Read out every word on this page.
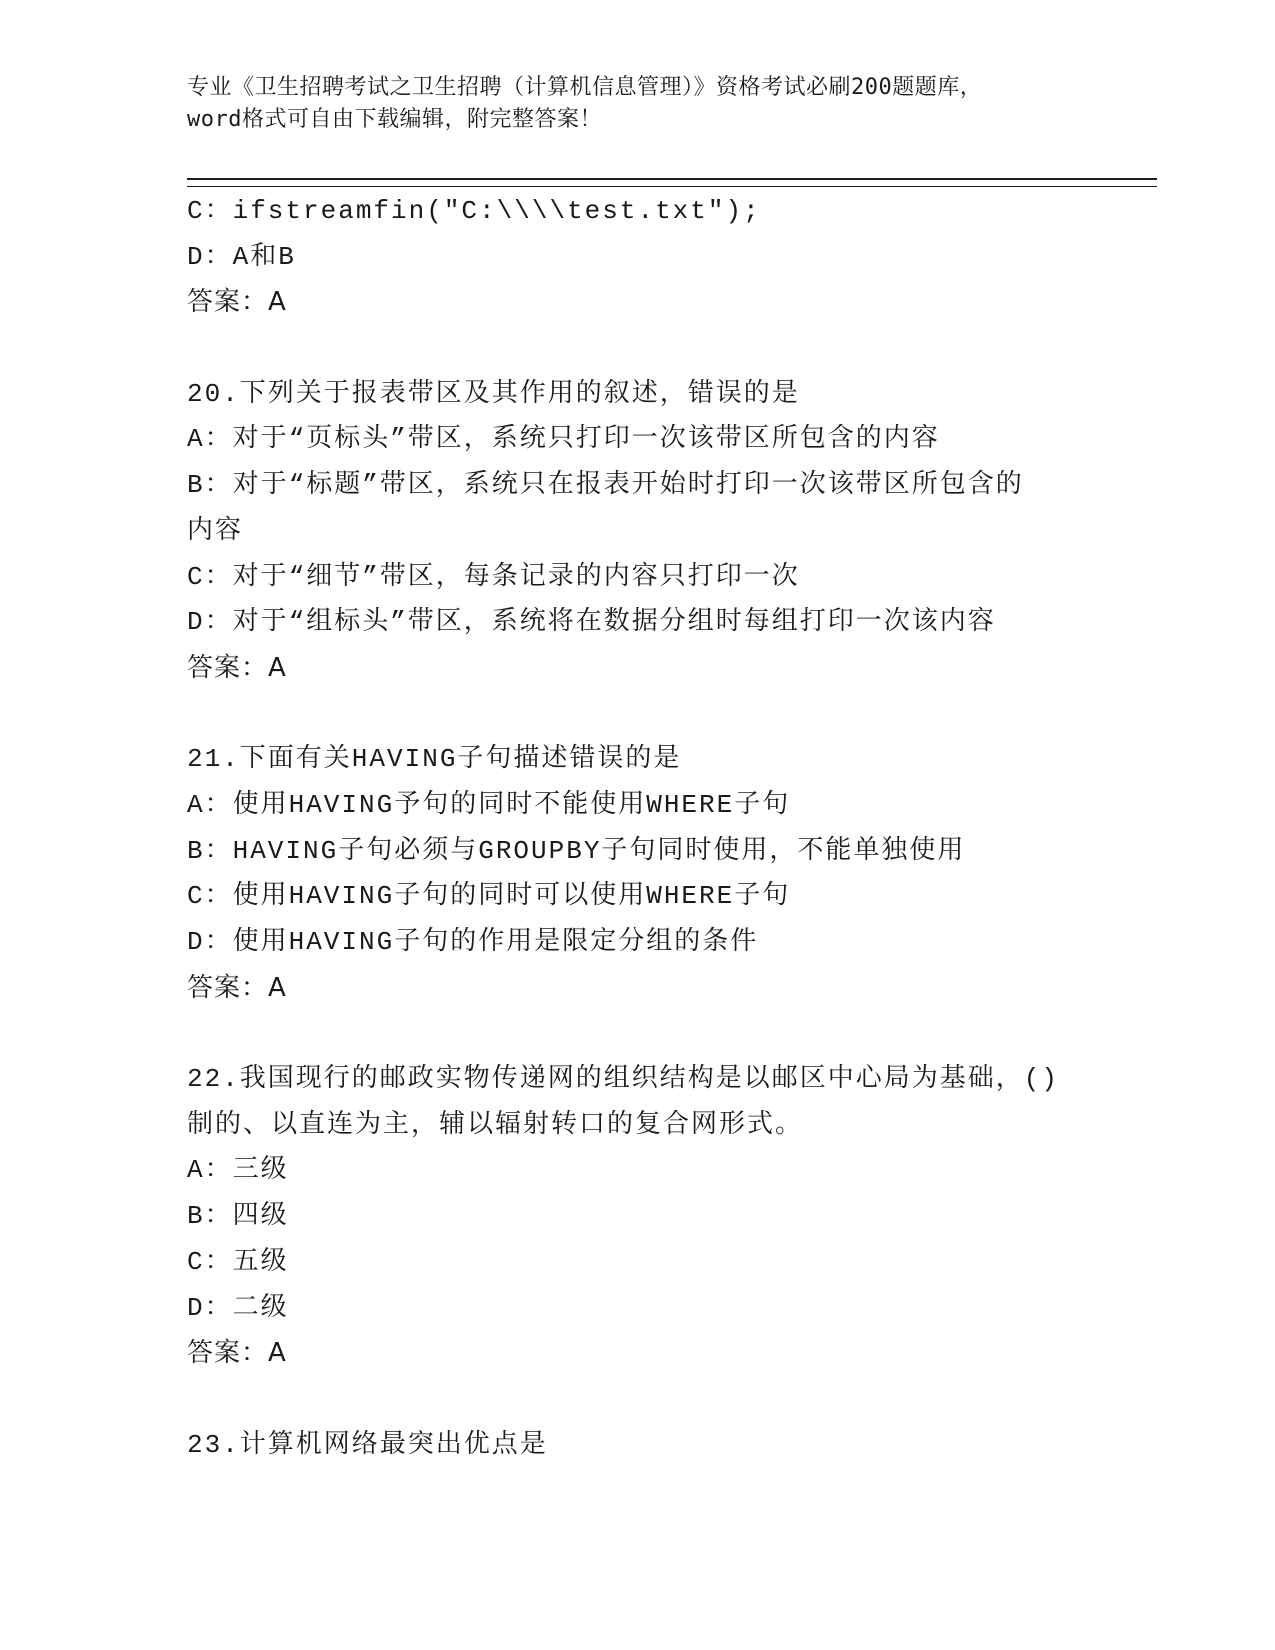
专业《卫生招聘考试之卫生招聘（计算机信息管理）》资格考试必刷200题题库，
word格式可自由下载编辑，附完整答案！
C：ifstreamfin(″C:\\\\test.txt″);
D：A和B
答案：A
20.下列关于报表带区及其作用的叙述，错误的是
A：对于“页标头”带区，系统只打印一次该带区所包含的内容
B：对于“标题”带区，系统只在报表开始时打印一次该带区所包含的
内容
C：对于“细节”带区，每条记录的内容只打印一次
D：对于“组标头”带区，系统将在数据分组时每组打印一次该内容
答案：A
21.下面有关HAVING子句描述错误的是
A：使用HAVING予句的同时不能使用WHERE子句
B：HAVING子句必须与GROUPBY子句同时使用，不能单独使用
C：使用HAVING子句的同时可以使用WHERE子句
D：使用HAVING子句的作用是限定分组的条件
答案：A
22.我国现行的邮政实物传递网的组织结构是以邮区中心局为基础，()
制的、以直连为主，辅以辐射转口的复合网形式。
A：三级
B：四级
C：五级
D：二级
答案：A
23.计算机网络最突出优点是
